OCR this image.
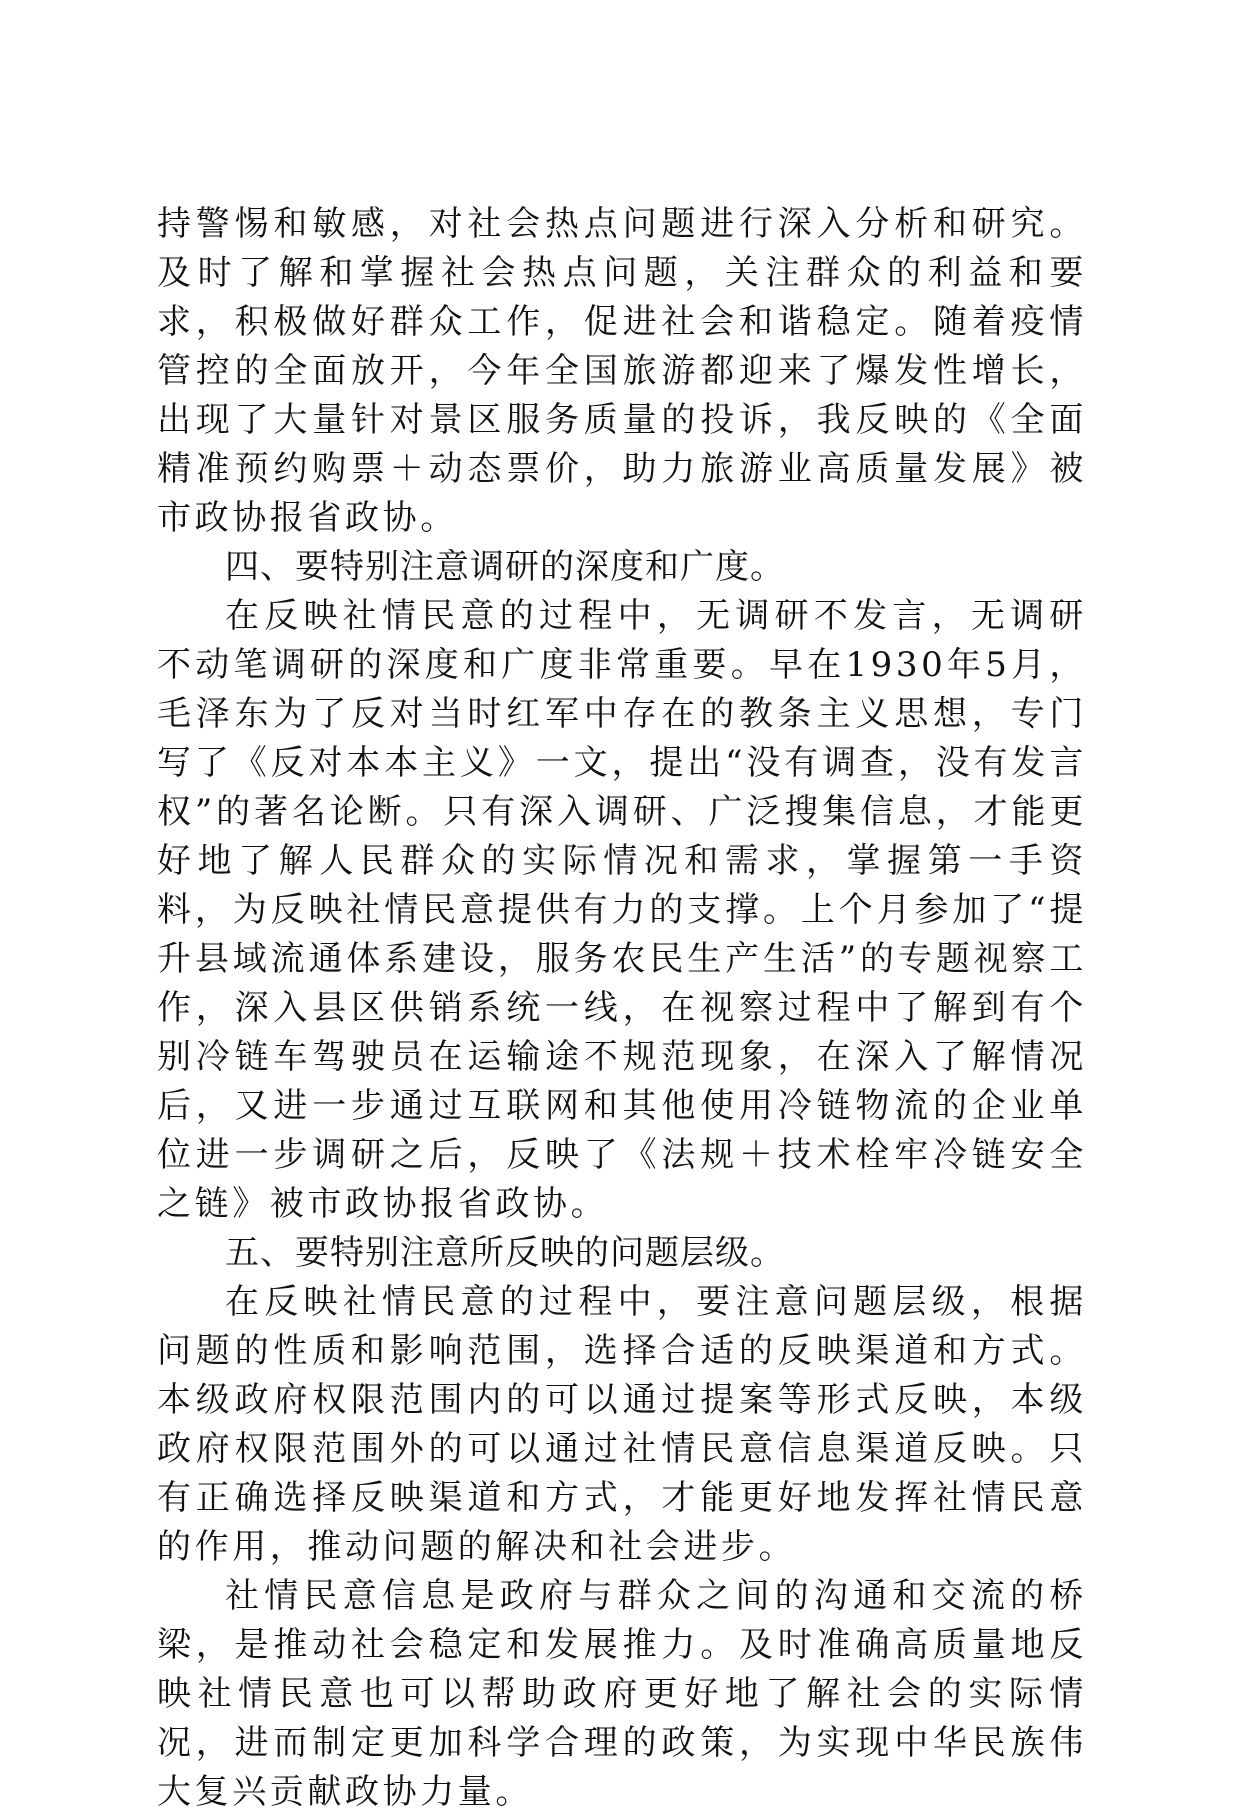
持警惕和敏感，对社会热点问题进行深入分析和研究。及时了解和掌握社会热点问题，关注群众的利益和要求，积极做好群众工作，促进社会和谐稳定。随着疫情管控的全面放开，今年全国旅游都迎来了爆发性增长，出现了大量针对景区服务质量的投诉，我反映的《全面精准预约购票＋动态票价，助力旅游业高质量发展》被市政协报省政协。

四、要特别注意调研的深度和广度。

在反映社情民意的过程中，无调研不发言，无调研不动笔调研的深度和广度非常重要。早在1930年5月，毛泽东为了反对当时红军中存在的教条主义思想，专门写了《反对本本主义》一文，提出“没有调查，没有发言权”的著名论断。只有深入调研、广泛搜集信息，才能更好地了解人民群众的实际情况和需求，掌握第一手资料，为反映社情民意提供有力的支撑。上个月参加了“提升县域流通体系建设，服务农民生产生活”的专题视察工作，深入县区供销系统一线，在视察过程中了解到有个别冷链车驾驶员在运输途不规范现象，在深入了解情况后，又进一步通过互联网和其他使用冷链物流的企业单位进一步调研之后，反映了《法规＋技术栓牢冷链安全之链》被市政协报省政协。

五、要特别注意所反映的问题层级。

在反映社情民意的过程中，要注意问题层级，根据问题的性质和影响范围，选择合适的反映渠道和方式。本级政府权限范围内的可以通过提案等形式反映，本级政府权限范围外的可以通过社情民意信息渠道反映。只有正确选择反映渠道和方式，才能更好地发挥社情民意的作用，推动问题的解决和社会进步。

社情民意信息是政府与群众之间的沟通和交流的桥梁，是推动社会稳定和发展推力。及时准确高质量地反映社情民意也可以帮助政府更好地了解社会的实际情况，进而制定更加科学合理的政策，为实现中华民族伟大复兴贡献政协力量。
